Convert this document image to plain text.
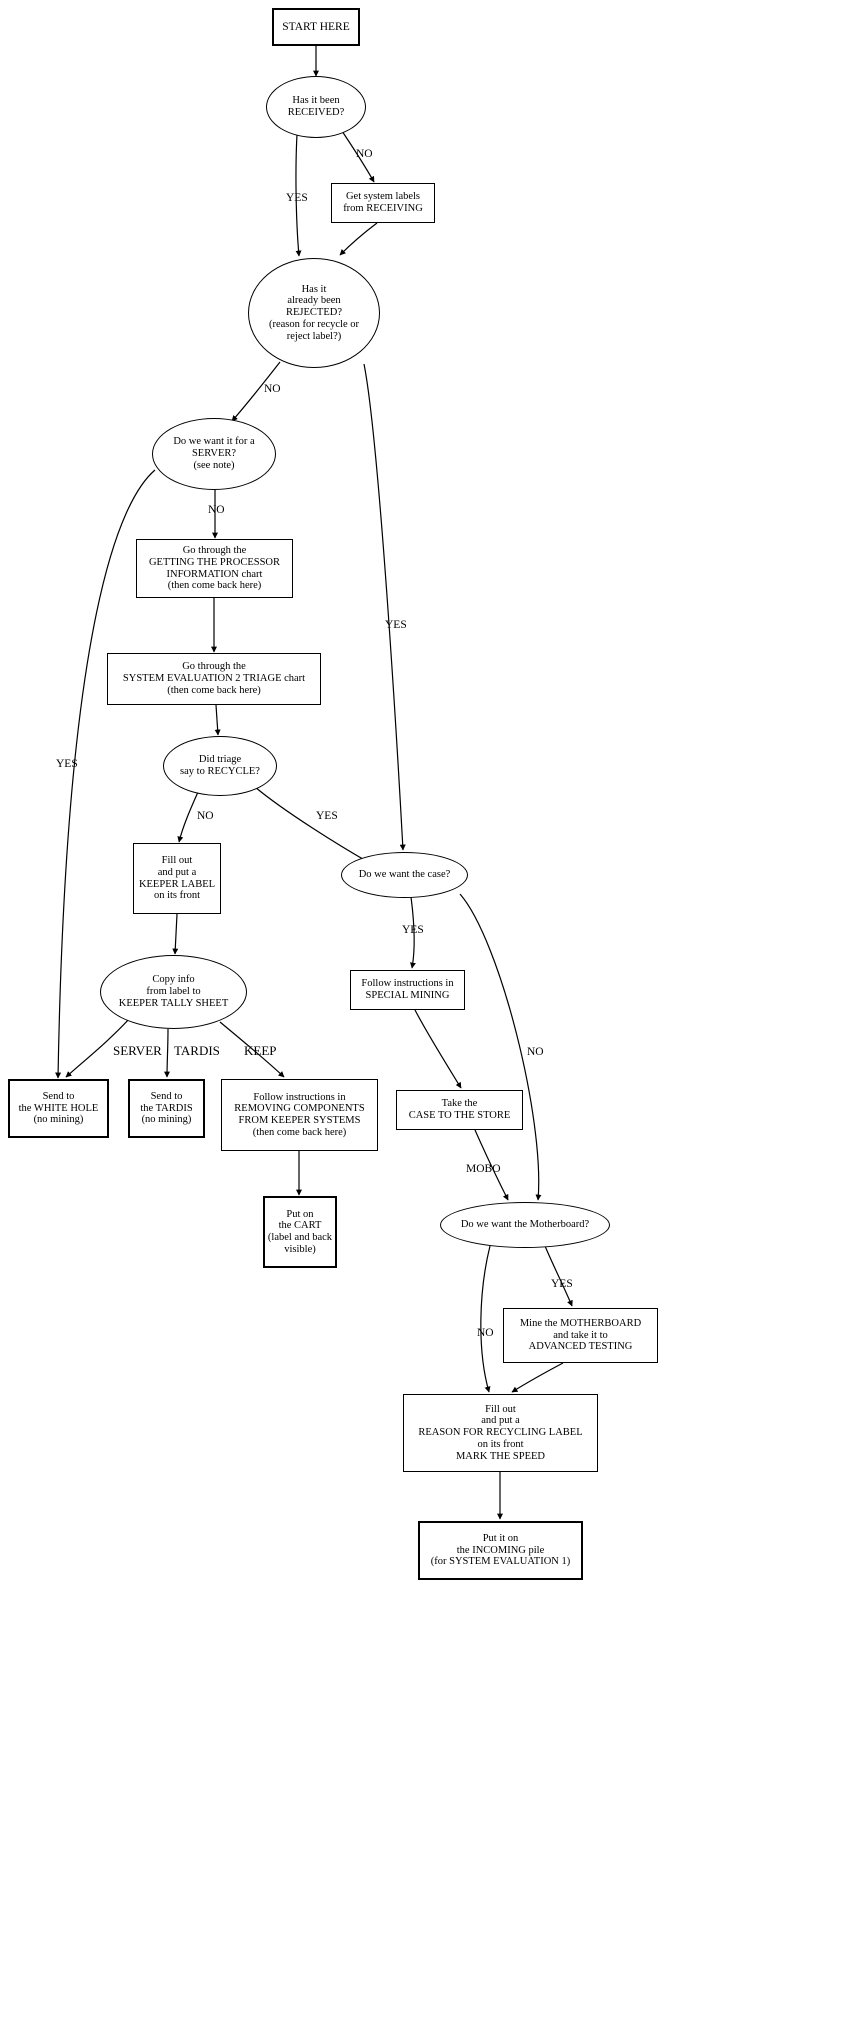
START HERE
Has it been
RECEIVED?
Get system labels
from RECEIVING
Has it
already been
REJECTED?
(reason for recycle or
reject label?)
Do we want it for a
SERVER?
(see note)
Go through the
GETTING THE PROCESSOR
INFORMATION chart
(then come back here)
Go through the
SYSTEM EVALUATION 2 TRIAGE chart
(then come back here)
Did triage
say to RECYCLE?
Fill out
and put a
KEEPER LABEL
on its front
Copy info
from label to
KEEPER TALLY SHEET
Send to
the WHITE HOLE
(no mining)
Send to
the TARDIS
(no mining)
Follow instructions in
REMOVING COMPONENTS
FROM KEEPER SYSTEMS
(then come back here)
Put on
the CART
(label and back
visible)
Do we want the case?
Follow instructions in
SPECIAL MINING
Take the
CASE TO THE STORE
Do we want the Motherboard?
Mine the MOTHERBOARD
and take it to
ADVANCED TESTING
Fill out
and put a
REASON FOR RECYCLING LABEL
on its front
MARK THE SPEED
Put it on
the INCOMING pile
(for SYSTEM EVALUATION 1)
NO
YES
NO
YES
NO
YES
NO	YES
SERVER TARDIS KEEP
YES
NO
MOBO
YES
NO
